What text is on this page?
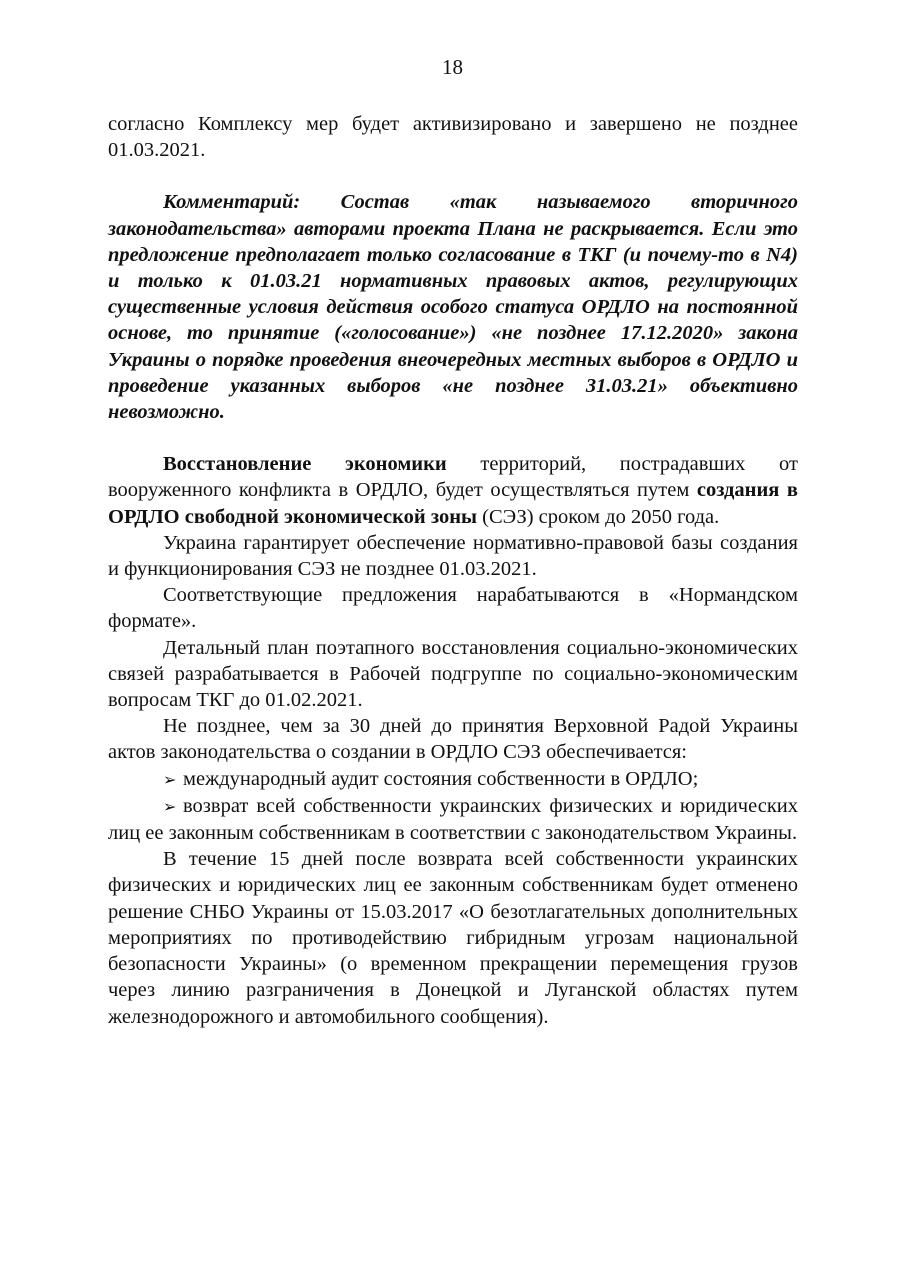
18

согласно Комплексу мер будет активизировано и завершено не позднее 01.03.2021.

Комментарий: Состав «так называемого вторичного законодательства» авторами проекта Плана не раскрывается. Если это предложение предполагает только согласование в ТКГ (и почему-то в N4) и только к 01.03.21 нормативных правовых актов, регулирующих существенные условия действия особого статуса ОРДЛО на постоянной основе, то принятие («голосование») «не позднее 17.12.2020» закона Украины о порядке проведения внеочередных местных выборов в ОРДЛО и проведение указанных выборов «не позднее 31.03.21» объективно невозможно.

Восстановление экономики территорий, пострадавших от вооруженного конфликта в ОРДЛО, будет осуществляться путем создания в ОРДЛО свободной экономической зоны (СЭЗ) сроком до 2050 года.

Украина гарантирует обеспечение нормативно-правовой базы создания и функционирования СЭЗ не позднее 01.03.2021.

Соответствующие предложения нарабатываются в «Нормандском формате».

Детальный план поэтапного восстановления социально-экономических связей разрабатывается в Рабочей подгруппе по социально-экономическим вопросам ТКГ до 01.02.2021.

Не позднее, чем за 30 дней до принятия Верховной Радой Украины актов законодательства о создании в ОРДЛО СЭЗ обеспечивается:

➢ международный аудит состояния собственности в ОРДЛО;

➢ возврат всей собственности украинских физических и юридических лиц ее законным собственникам в соответствии с законодательством Украины.

В течение 15 дней после возврата всей собственности украинских физических и юридических лиц ее законным собственникам будет отменено решение СНБО Украины от 15.03.2017 «О безотлагательных дополнительных мероприятиях по противодействию гибридным угрозам национальной безопасности Украины» (о временном прекращении перемещения грузов через линию разграничения в Донецкой и Луганской областях путем железнодорожного и автомобильного сообщения).
